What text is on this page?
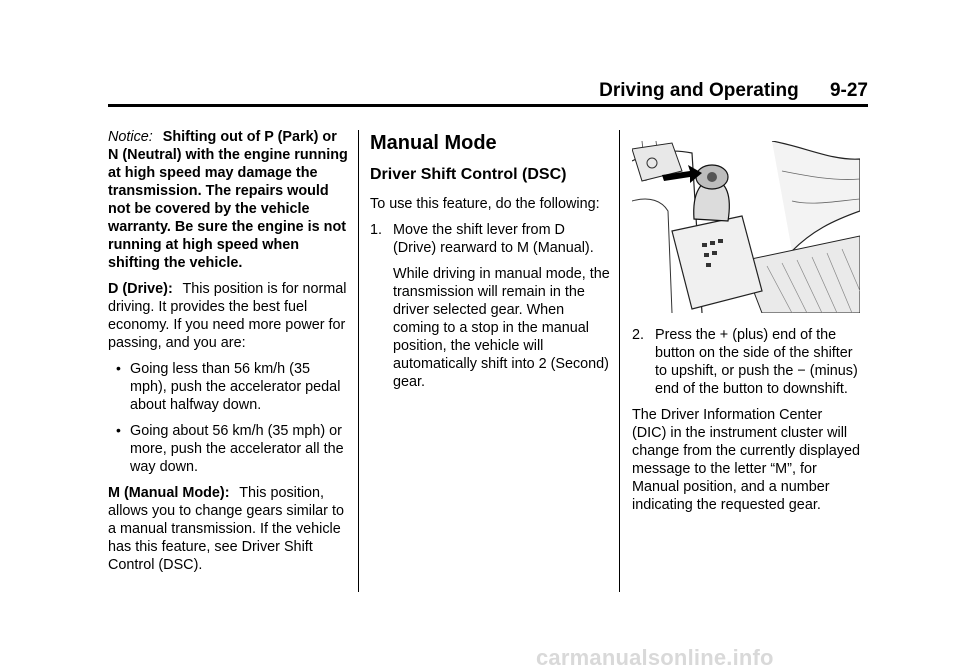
Driving and Operating 9-27

Notice: Shifting out of P (Park) or N (Neutral) with the engine running at high speed may damage the transmission. The repairs would not be covered by the vehicle warranty. Be sure the engine is not running at high speed when shifting the vehicle.

D (Drive): This position is for normal driving. It provides the best fuel economy. If you need more power for passing, and you are:

• Going less than 56 km/h (35 mph), push the accelerator pedal about halfway down.

• Going about 56 km/h (35 mph) or more, push the accelerator all the way down.

M (Manual Mode): This position, allows you to change gears similar to a manual transmission. If the vehicle has this feature, see Driver Shift Control (DSC).

Manual Mode
Driver Shift Control (DSC)

To use this feature, do the following:

1. Move the shift lever from D (Drive) rearward to M (Manual).

While driving in manual mode, the transmission will remain in the driver selected gear. When coming to a stop in the manual position, the vehicle will automatically shift into 2 (Second) gear.

2. Press the + (plus) end of the button on the side of the shifter to upshift, or push the − (minus) end of the button to downshift.

The Driver Information Center (DIC) in the instrument cluster will change from the currently displayed message to the letter “M”, for Manual position, and a number indicating the requested gear.

carmanualsonline.info
